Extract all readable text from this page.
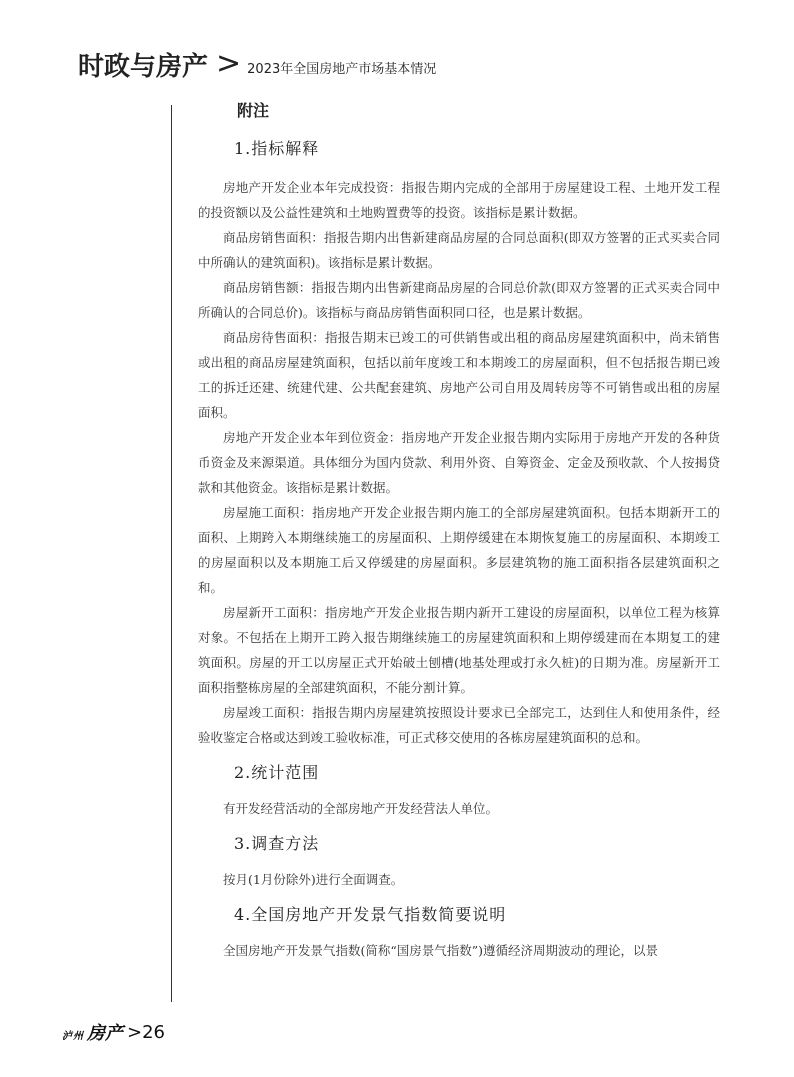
时政与房产 > 2023年全国房地产市场基本情况
附注
1.指标解释

房地产开发企业本年完成投资：指报告期内完成的全部用于房屋建设工程、土地开发工程的投资额以及公益性建筑和土地购置费等的投资。该指标是累计数据。

商品房销售面积：指报告期内出售新建商品房屋的合同总面积(即双方签署的正式买卖合同中所确认的建筑面积)。该指标是累计数据。

商品房销售额：指报告期内出售新建商品房屋的合同总价款(即双方签署的正式买卖合同中所确认的合同总价)。该指标与商品房销售面积同口径，也是累计数据。

商品房待售面积：指报告期末已竣工的可供销售或出租的商品房屋建筑面积中，尚未销售或出租的商品房屋建筑面积，包括以前年度竣工和本期竣工的房屋面积，但不包括报告期已竣工的拆迁还建、统建代建、公共配套建筑、房地产公司自用及周转房等不可销售或出租的房屋面积。

房地产开发企业本年到位资金：指房地产开发企业报告期内实际用于房地产开发的各种货币资金及来源渠道。具体细分为国内贷款、利用外资、自筹资金、定金及预收款、个人按揭贷款和其他资金。该指标是累计数据。

房屋施工面积：指房地产开发企业报告期内施工的全部房屋建筑面积。包括本期新开工的面积、上期跨入本期继续施工的房屋面积、上期停缓建在本期恢复施工的房屋面积、本期竣工的房屋面积以及本期施工后又停缓建的房屋面积。多层建筑物的施工面积指各层建筑面积之和。

房屋新开工面积：指房地产开发企业报告期内新开工建设的房屋面积，以单位工程为核算对象。不包括在上期开工跨入报告期继续施工的房屋建筑面积和上期停缓建而在本期复工的建筑面积。房屋的开工以房屋正式开始破土刨槽(地基处理或打永久桩)的日期为准。房屋新开工面积指整栋房屋的全部建筑面积，不能分割计算。

房屋竣工面积：指报告期内房屋建筑按照设计要求已全部完工，达到住人和使用条件，经验收鉴定合格或达到竣工验收标准，可正式移交使用的各栋房屋建筑面积的总和。

2.统计范围

有开发经营活动的全部房地产开发经营法人单位。

3.调查方法

按月(1月份除外)进行全面调查。

4.全国房地产开发景气指数简要说明

全国房地产开发景气指数(简称“国房景气指数”)遵循经济周期波动的理论，以景

泸州 房产 >26
